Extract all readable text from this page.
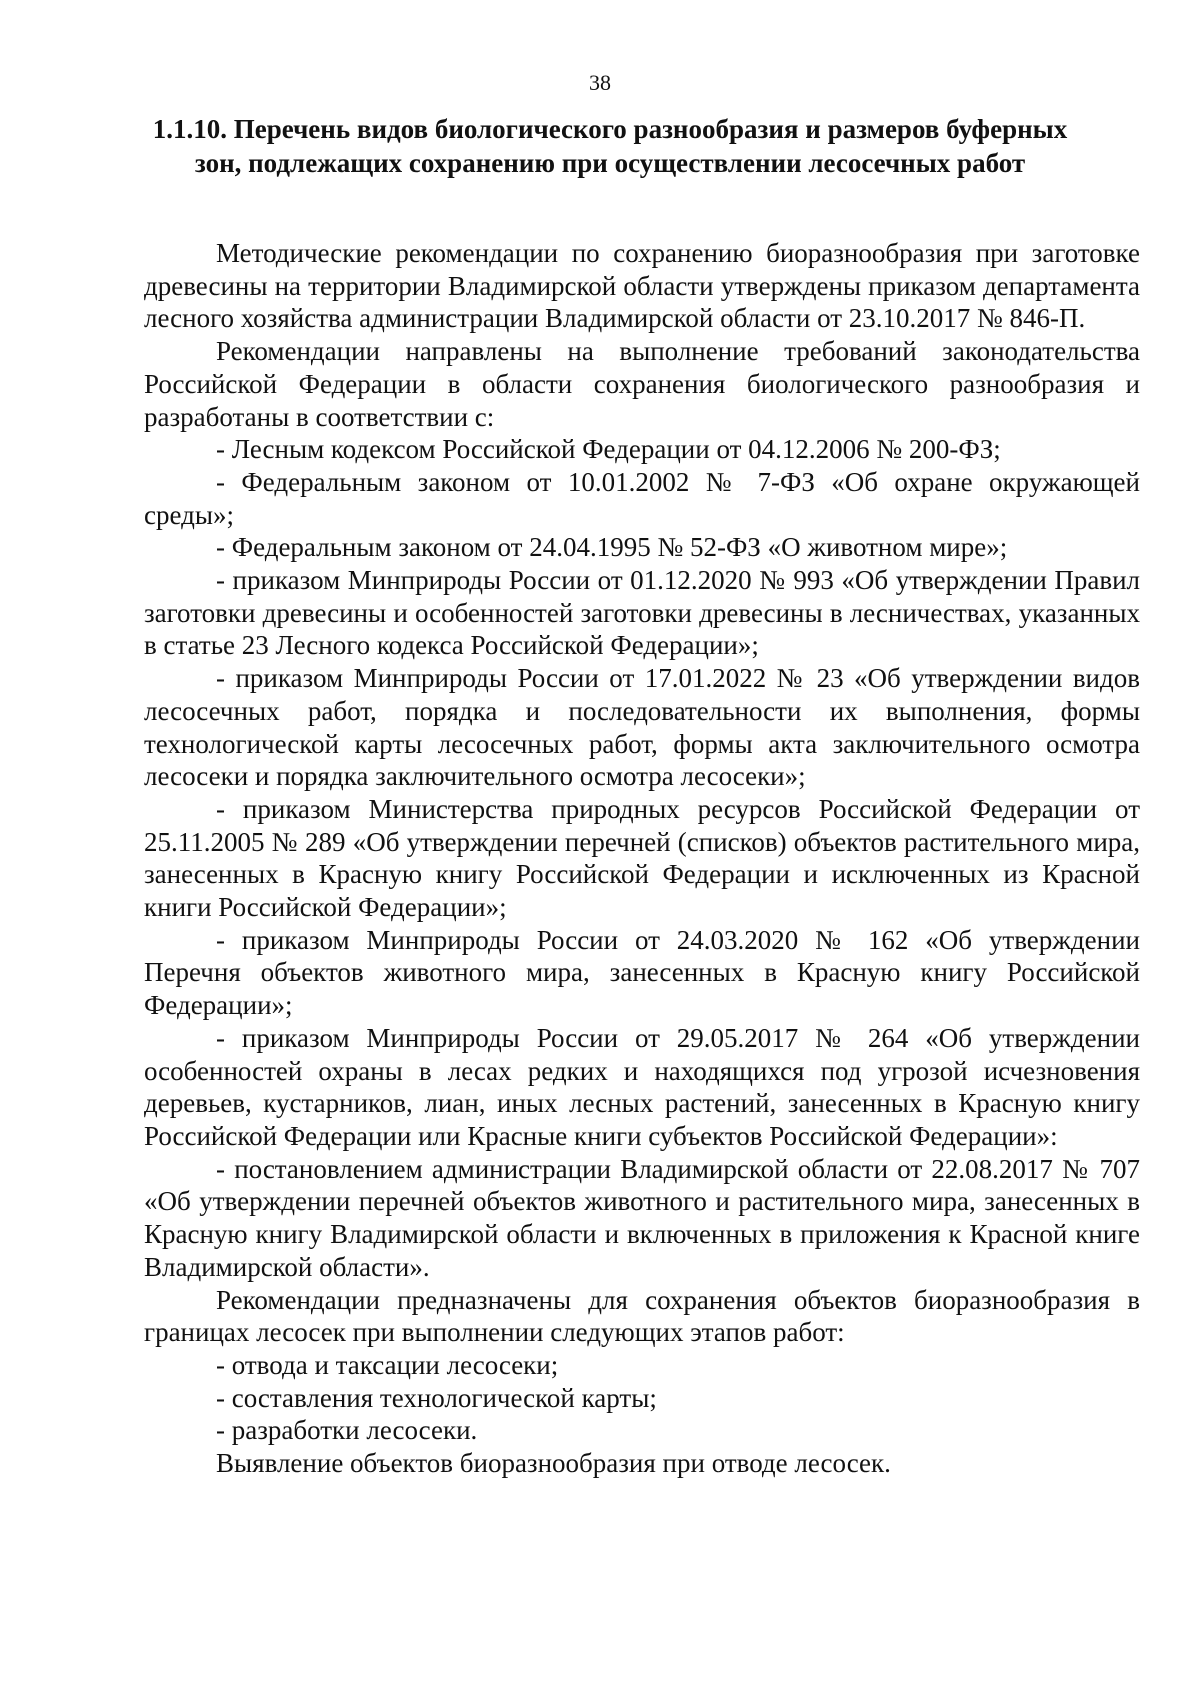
38
1.1.10. Перечень видов биологического разнообразия и размеров буферных
зон, подлежащих сохранению при осуществлении лесосечных работ

Методические рекомендации по сохранению биоразнообразия при заготовке древесины на территории Владимирской области утверждены приказом департамента лесного хозяйства администрации Владимирской области от 23.10.2017 № 846-П.

Рекомендации направлены на выполнение требований законодательства Российской Федерации в области сохранения биологического разнообразия и разработаны в соответствии с:

- Лесным кодексом Российской Федерации от 04.12.2006 № 200-ФЗ;

- Федеральным законом от 10.01.2002 № 7-ФЗ «Об охране окружающей среды»;

- Федеральным законом от 24.04.1995 № 52-ФЗ «О животном мире»;

- приказом Минприроды России от 01.12.2020 № 993 «Об утверждении Правил заготовки древесины и особенностей заготовки древесины в лесничествах, указанных в статье 23 Лесного кодекса Российской Федерации»;

- приказом Минприроды России от 17.01.2022 № 23 «Об утверждении видов лесосечных работ, порядка и последовательности их выполнения, формы технологической карты лесосечных работ, формы акта заключительного осмотра лесосеки и порядка заключительного осмотра лесосеки»;

- приказом Министерства природных ресурсов Российской Федерации от 25.11.2005 № 289 «Об утверждении перечней (списков) объектов растительного мира, занесенных в Красную книгу Российской Федерации и исключенных из Красной книги Российской Федерации»;

- приказом Минприроды России от 24.03.2020 № 162 «Об утверждении Перечня объектов животного мира, занесенных в Красную книгу Российской Федерации»;

- приказом Минприроды России от 29.05.2017 № 264 «Об утверждении особенностей охраны в лесах редких и находящихся под угрозой исчезновения деревьев, кустарников, лиан, иных лесных растений, занесенных в Красную книгу Российской Федерации или Красные книги субъектов Российской Федерации»:

- постановлением администрации Владимирской области от 22.08.2017 № 707 «Об утверждении перечней объектов животного и растительного мира, занесенных в Красную книгу Владимирской области и включенных в приложения к Красной книге Владимирской области».

Рекомендации предназначены для сохранения объектов биоразнообразия в границах лесосек при выполнении следующих этапов работ:

- отвода и таксации лесосеки;

- составления технологической карты;

- разработки лесосеки.

Выявление объектов биоразнообразия при отводе лесосек.
